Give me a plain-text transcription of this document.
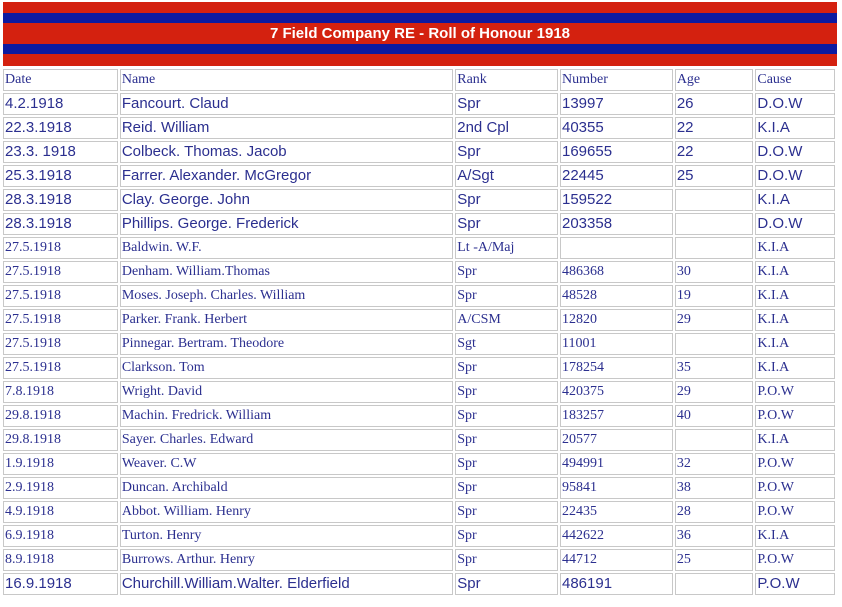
7 Field Company RE - Roll of Honour 1918
Date	Name	Rank	Number	Age	Cause
4.2.1918	Fancourt. Claud	Spr	13997	26	D.O.W
22.3.1918	Reid. William	2nd Cpl	40355	22	K.I.A
23.3. 1918	Colbeck. Thomas. Jacob	Spr	169655	22	D.O.W
25.3.1918	Farrer. Alexander. McGregor	A/Sgt	22445	25	D.O.W
28.3.1918	Clay. George. John	Spr	159522		K.I.A
28.3.1918	Phillips. George. Frederick	Spr	203358		D.O.W
27.5.1918	Baldwin. W.F.	Lt -A/Maj			K.I.A
27.5.1918	Denham. William.Thomas	Spr	486368	30	K.I.A
27.5.1918	Moses. Joseph. Charles. William	Spr	48528	19	K.I.A
27.5.1918	Parker. Frank. Herbert	A/CSM	12820	29	K.I.A
27.5.1918	Pinnegar. Bertram. Theodore	Sgt	11001		K.I.A
27.5.1918	Clarkson. Tom	Spr	178254	35	K.I.A
7.8.1918	Wright. David	Spr	420375	29	P.O.W
29.8.1918	Machin. Fredrick. William	Spr	183257	40	P.O.W
29.8.1918	Sayer. Charles. Edward	Spr	20577		K.I.A
1.9.1918	Weaver. C.W	Spr	494991	32	P.O.W
2.9.1918	Duncan. Archibald	Spr	95841	38	P.O.W
4.9.1918	Abbot. William. Henry	Spr	22435	28	P.O.W
6.9.1918	Turton. Henry	Spr	442622	36	K.I.A
8.9.1918	Burrows. Arthur. Henry	Spr	44712	25	P.O.W
16.9.1918	Churchill.William.Walter. Elderfield	Spr	486191		P.O.W
